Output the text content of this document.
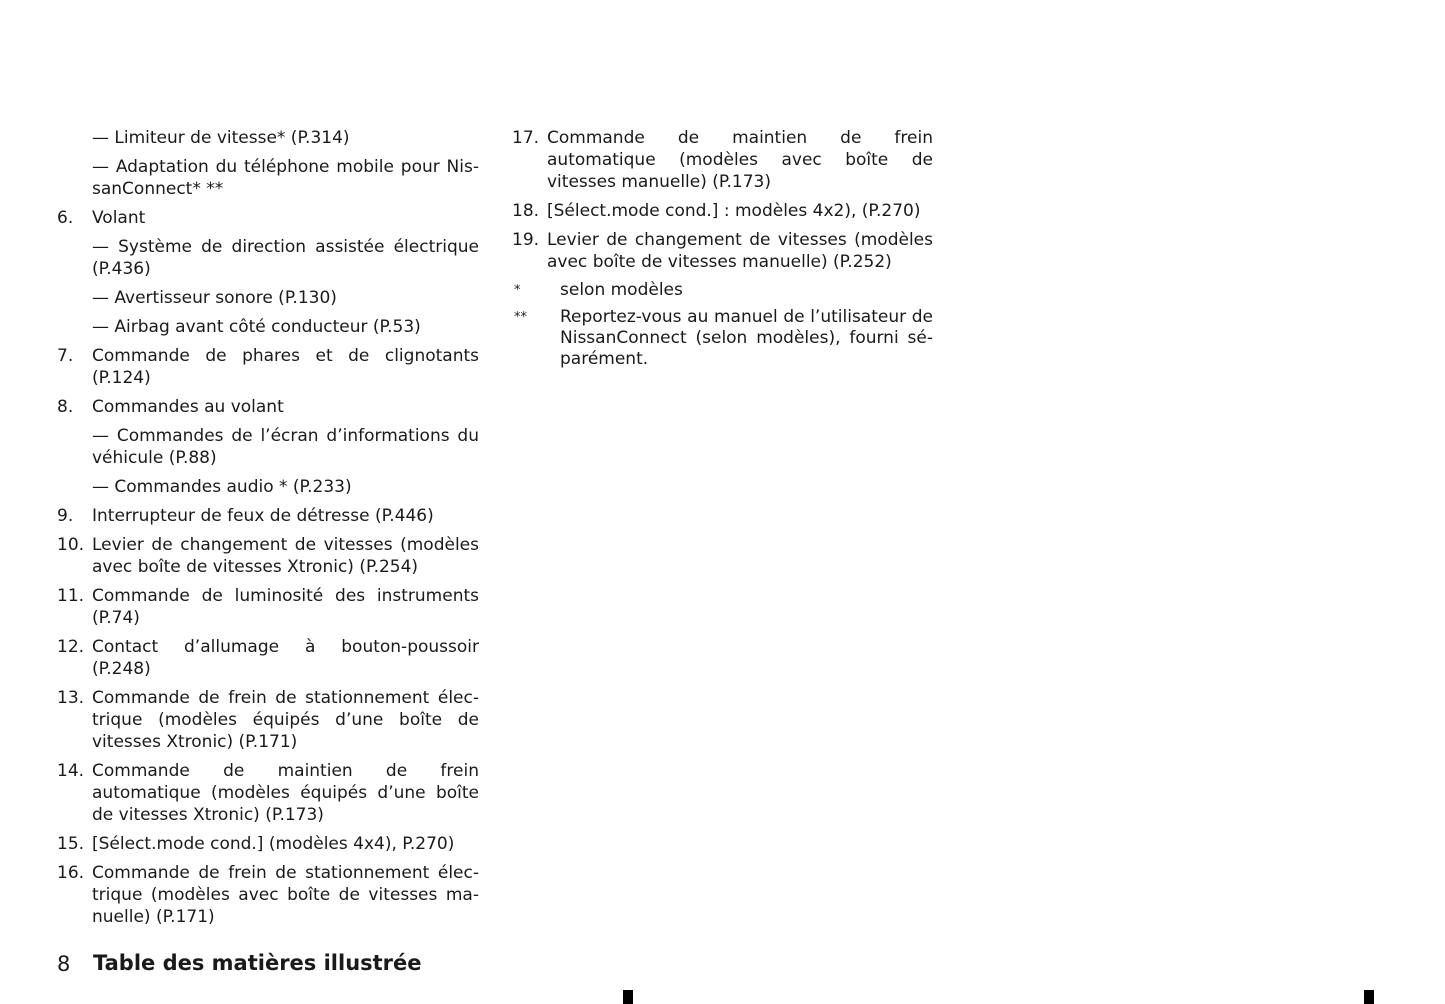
— Limiteur de vitesse* (P.314)
— Adaptation du téléphone mobile pour NissanConnect* **
6. Volant
— Système de direction assistée électrique (P.436)
— Avertisseur sonore (P.130)
— Airbag avant côté conducteur (P.53)
7. Commande de phares et de clignotants (P.124)
8. Commandes au volant
— Commandes de l’écran d’informations du véhicule (P.88)
— Commandes audio * (P.233)
9. Interrupteur de feux de détresse (P.446)
10. Levier de changement de vitesses (modèles avec boîte de vitesses Xtronic) (P.254)
11. Commande de luminosité des instruments (P.74)
12. Contact d’allumage à bouton-poussoir (P.248)
13. Commande de frein de stationnement électrique (modèles équipés d’une boîte de vitesses Xtronic) (P.171)
14. Commande de maintien de frein automatique (modèles équipés d’une boîte de vitesses Xtronic) (P.173)
15. [Sélect.mode cond.] (modèles 4x4), P.270)
16. Commande de frein de stationnement électrique (modèles avec boîte de vitesses manuelle) (P.171)
17. Commande de maintien de frein automatique (modèles avec boîte de vitesses manuelle) (P.173)
18. [Sélect.mode cond.] : modèles 4x2), (P.270)
19. Levier de changement de vitesses (modèles avec boîte de vitesses manuelle) (P.252)
* selon modèles
** Reportez-vous au manuel de l’utilisateur de NissanConnect (selon modèles), fourni séparément.
8 Table des matières illustrée
